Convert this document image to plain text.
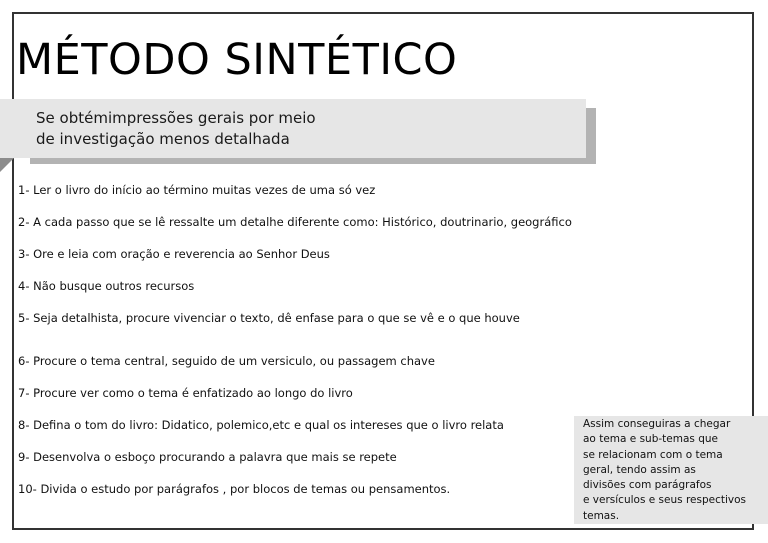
MÉTODO SINTÉTICO

Se obtémimpressões gerais por meio
de investigação menos detalhada

1- Ler o livro do início ao término muitas vezes de uma só vez
2- A cada passo que se lê ressalte um detalhe diferente como: Histórico, doutrinario, geográfico
3- Ore e leia com oração e reverencia ao Senhor Deus
4- Não busque outros recursos
5- Seja detalhista, procure vivenciar o texto, dê enfase para o que se vê e o que houve
6- Procure o tema central, seguido de um versiculo, ou passagem chave
7- Procure ver como o tema é enfatizado ao longo do livro
8- Defina o tom do livro: Didatico, polemico,etc e qual os intereses que o livro relata
9- Desenvolva o esboço procurando a palavra que mais se repete
10- Divida o estudo por parágrafos , por blocos de temas ou pensamentos.
Assim conseguiras a chegar
ao tema e sub-temas que
se relacionam com o tema
geral, tendo assim as
divisões com parágrafos
e versículos e seus respectivos
temas.
